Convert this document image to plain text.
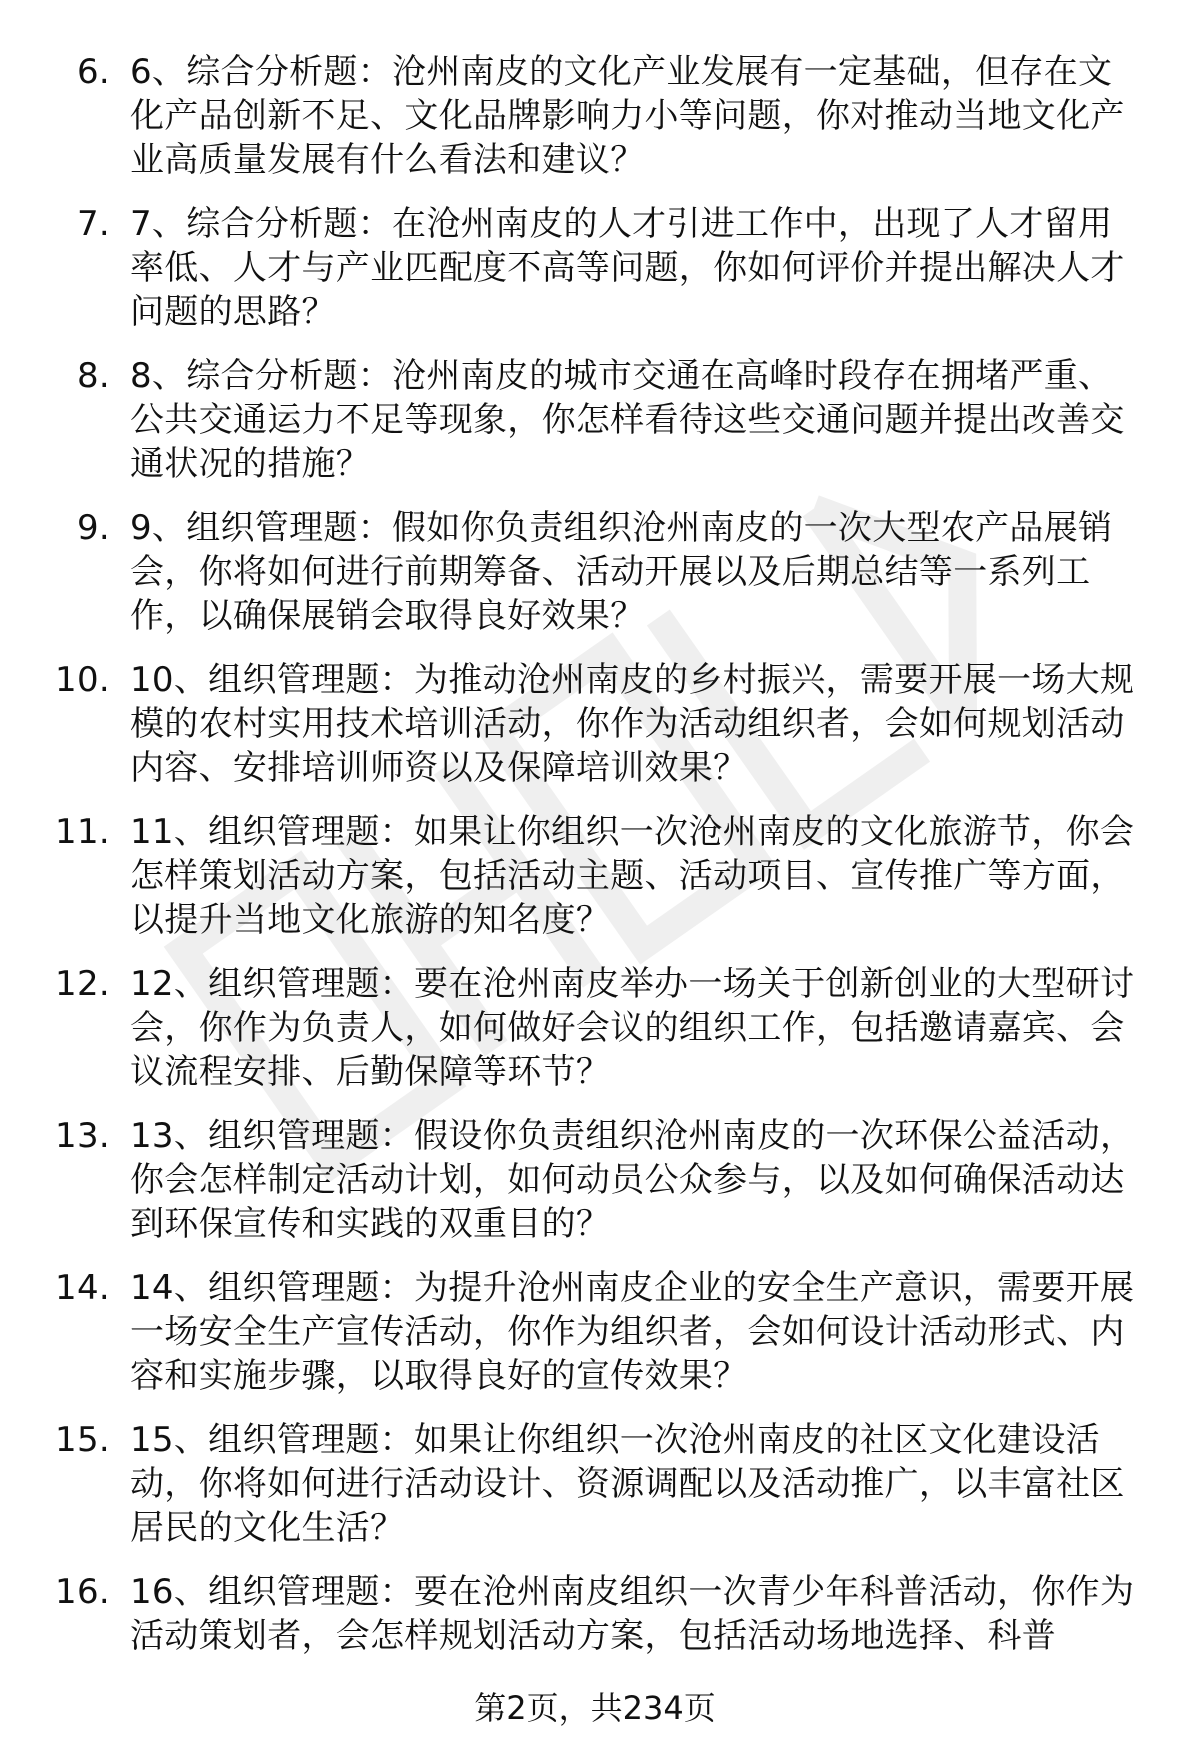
6. 6、综合分析题：沧州南皮的文化产业发展有一定基础，但存在文化产品创新不足、文化品牌影响力小等问题，你对推动当地文化产业高质量发展有什么看法和建议？
7. 7、综合分析题：在沧州南皮的人才引进工作中，出现了人才留用率低、人才与产业匹配度不高等问题，你如何评价并提出解决人才问题的思路？
8. 8、综合分析题：沧州南皮的城市交通在高峰时段存在拥堵严重、公共交通运力不足等现象，你怎样看待这些交通问题并提出改善交通状况的措施？
9. 9、组织管理题：假如你负责组织沧州南皮的一次大型农产品展销会，你将如何进行前期筹备、活动开展以及后期总结等一系列工作，以确保展销会取得良好效果？
10. 10、组织管理题：为推动沧州南皮的乡村振兴，需要开展一场大规模的农村实用技术培训活动，你作为活动组织者，会如何规划活动内容、安排培训师资以及保障培训效果？
11. 11、组织管理题：如果让你组织一次沧州南皮的文化旅游节，你会怎样策划活动方案，包括活动主题、活动项目、宣传推广等方面，以提升当地文化旅游的知名度？
12. 12、组织管理题：要在沧州南皮举办一场关于创新创业的大型研讨会，你作为负责人，如何做好会议的组织工作，包括邀请嘉宾、会议流程安排、后勤保障等环节？
13. 13、组织管理题：假设你负责组织沧州南皮的一次环保公益活动，你会怎样制定活动计划，如何动员公众参与，以及如何确保活动达到环保宣传和实践的双重目的？
14. 14、组织管理题：为提升沧州南皮企业的安全生产意识，需要开展一场安全生产宣传活动，你作为组织者，会如何设计活动形式、内容和实施步骤，以取得良好的宣传效果？
15. 15、组织管理题：如果让你组织一次沧州南皮的社区文化建设活动，你将如何进行活动设计、资源调配以及活动推广，以丰富社区居民的文化生活？
16. 16、组织管理题：要在沧州南皮组织一次青少年科普活动，你作为活动策划者，会怎样规划活动方案，包括活动场地选择、科普
第2页，共234页
